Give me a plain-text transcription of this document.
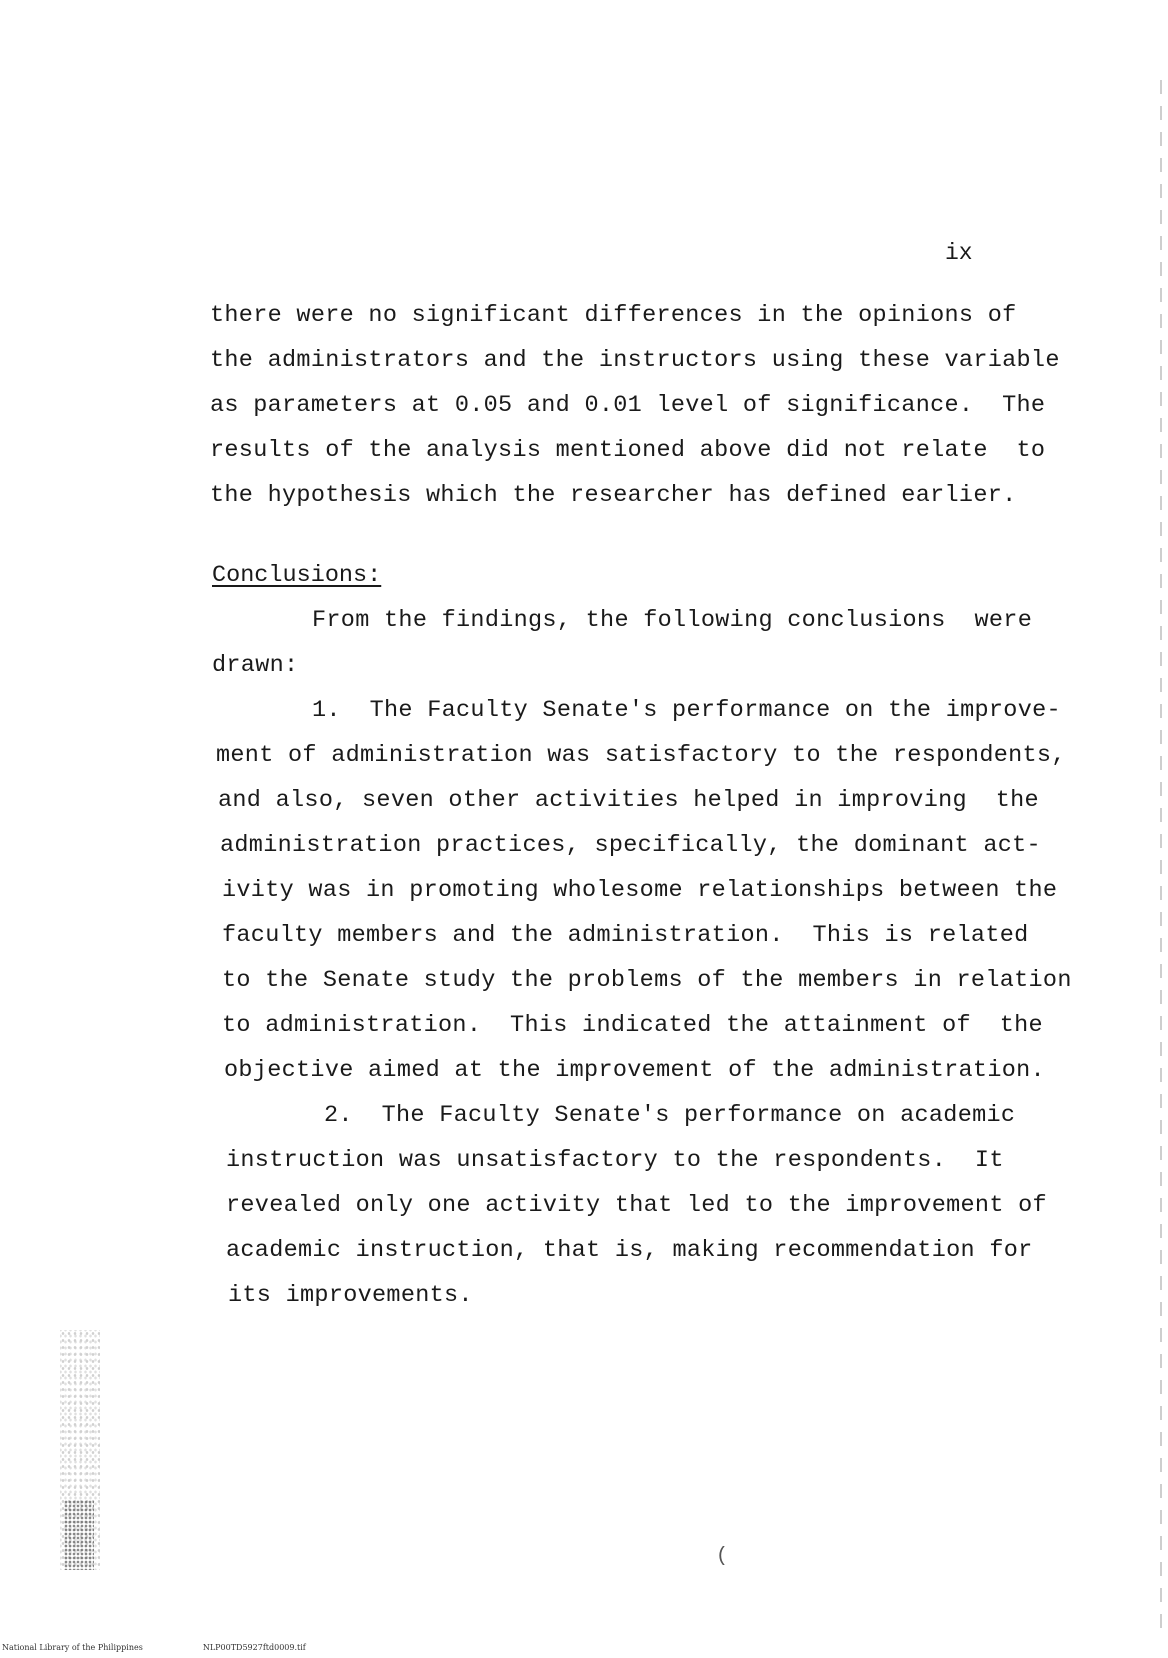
ix
there were no significant differences in the opinions of
the administrators and the instructors using these variable
as parameters at 0.05 and 0.01 level of significance.  The
results of the analysis mentioned above did not relate  to
the hypothesis which the researcher has defined earlier.
Conclusions:
From the findings, the following conclusions  were
drawn:
1.  The Faculty Senate's performance on the improve-
ment of administration was satisfactory to the respondents,
and also, seven other activities helped in improving  the
administration practices, specifically, the dominant act-
ivity was in promoting wholesome relationships between the
faculty members and the administration.  This is related
to the Senate study the problems of the members in relation
to administration.  This indicated the attainment of  the
objective aimed at the improvement of the administration.
2.  The Faculty Senate's performance on academic
instruction was unsatisfactory to the respondents.  It
revealed only one activity that led to the improvement of
academic instruction, that is, making recommendation for
its improvements.
(
National Library of the Philippines	NLP00TD5927ftd0009.tif
